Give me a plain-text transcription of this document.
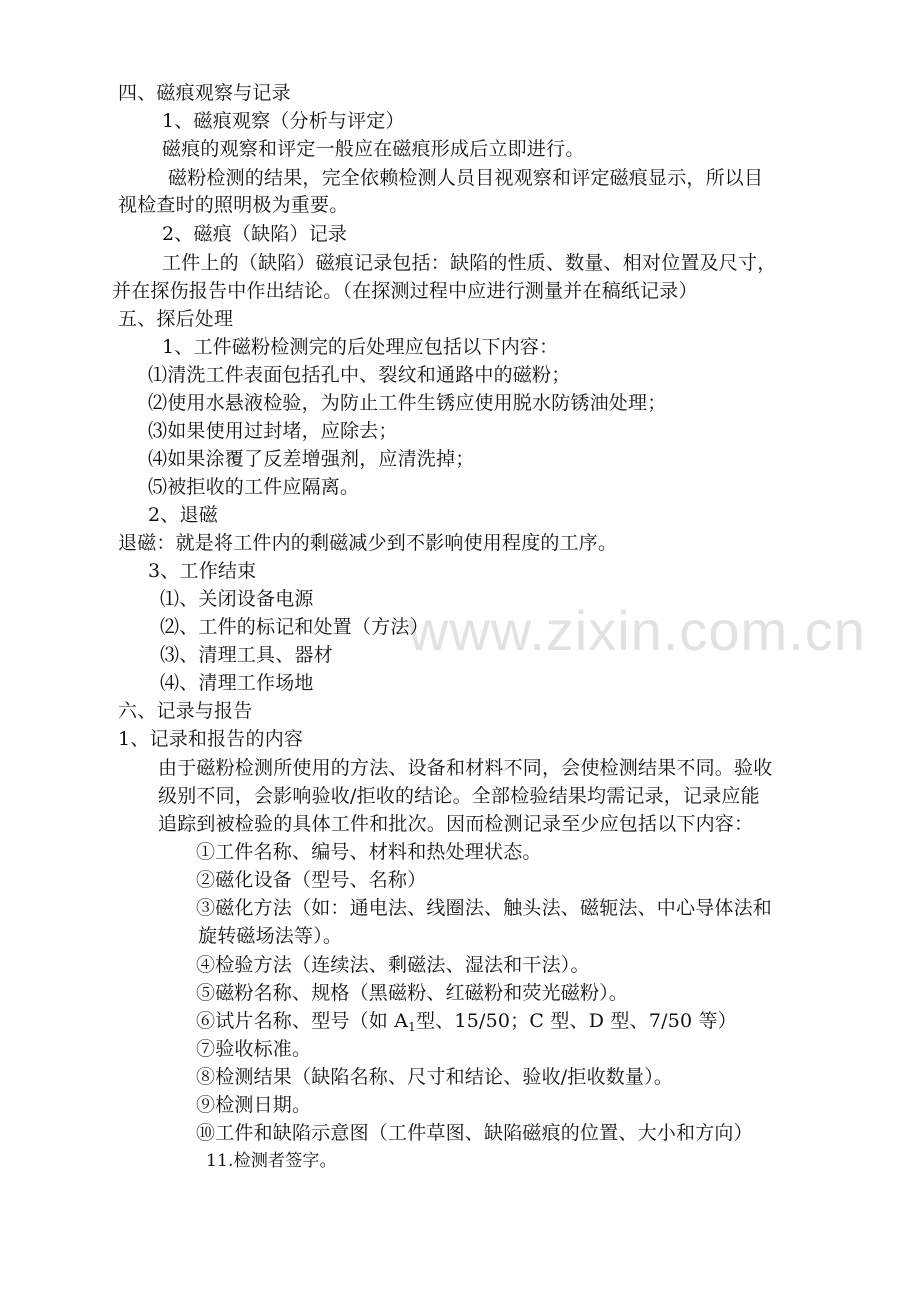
www.zixin.com.cn

四、磁痕观察与记录

1、磁痕观察（分析与评定）

磁痕的观察和评定一般应在磁痕形成后立即进行。

磁粉检测的结果，完全依赖检测人员目视观察和评定磁痕显示，所以目

视检查时的照明极为重要。

2、磁痕（缺陷）记录

工件上的（缺陷）磁痕记录包括：缺陷的性质、数量、相对位置及尺寸，

并在探伤报告中作出结论。（在探测过程中应进行测量并在稿纸记录）

五、探后处理

1、工件磁粉检测完的后处理应包括以下内容：

⑴清洗工件表面包括孔中、裂纹和通路中的磁粉；

⑵使用水悬液检验，为防止工件生锈应使用脱水防锈油处理；

⑶如果使用过封堵，应除去；

⑷如果涂覆了反差增强剂，应清洗掉；

⑸被拒收的工件应隔离。

2、退磁

退磁：就是将工件内的剩磁减少到不影响使用程度的工序。

3、工作结束

⑴、关闭设备电源

⑵、工件的标记和处置（方法）

⑶、清理工具、器材

⑷、清理工作场地

六、记录与报告

1、记录和报告的内容

由于磁粉检测所使用的方法、设备和材料不同，会使检测结果不同。验收

级别不同，会影响验收/拒收的结论。全部检验结果均需记录，记录应能

追踪到被检验的具体工件和批次。因而检测记录至少应包括以下内容：

①工件名称、编号、材料和热处理状态。

②磁化设备（型号、名称）

③磁化方法（如：通电法、线圈法、触头法、磁轭法、中心导体法和

旋转磁场法等）。

④检验方法（连续法、剩磁法、湿法和干法）。

⑤磁粉名称、规格（黑磁粉、红磁粉和荧光磁粉）。

⑥试片名称、型号（如 $A_1$型、15/50；C 型、D 型、7/50 等）

⑦验收标准。

⑧检测结果（缺陷名称、尺寸和结论、验收/拒收数量）。

⑨检测日期。

⑩工件和缺陷示意图（工件草图、缺陷磁痕的位置、大小和方向）

11.检测者签字。
